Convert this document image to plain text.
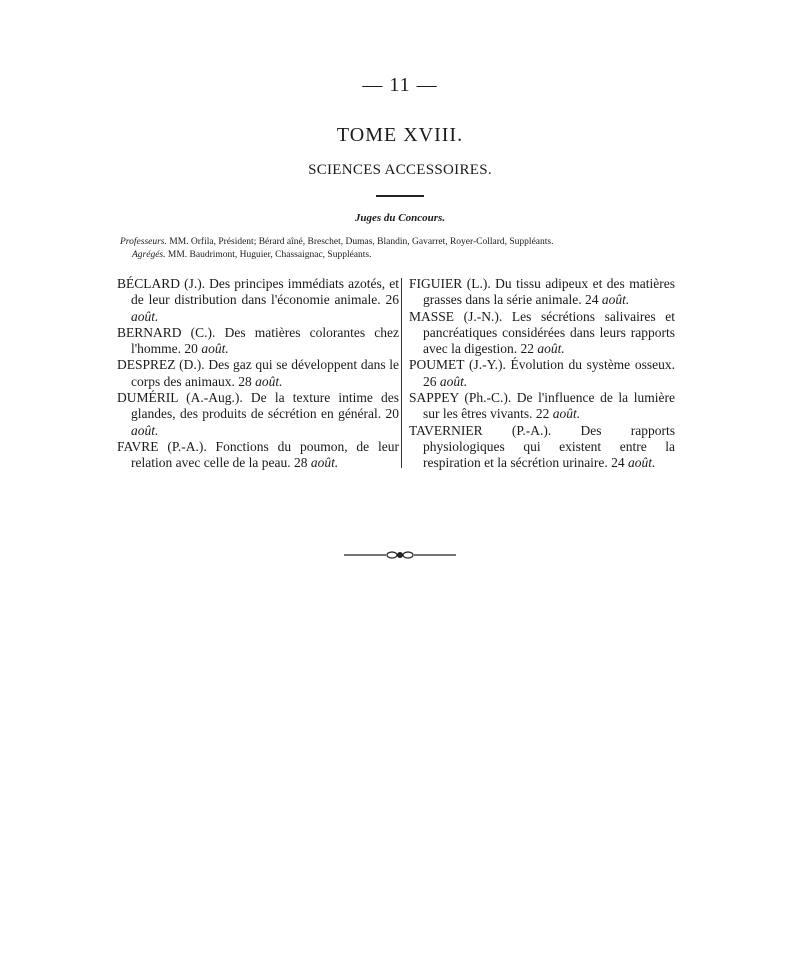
— 11 —
TOME XVIII.
SCIENCES ACCESSOIRES.
Juges du Concours.
Professeurs. MM. Orfila, Président; Bérard aîné, Breschet, Dumas, Blandin, Gavarret, Royer-Collard, Suppléants.
Agrégés. MM. Baudrimont, Huguier, Chassaignac, Suppléants.

BÉCLARD (J.). Des principes immédiats azotés, et de leur distribution dans l'économie animale. 26 août.

BERNARD (C.). Des matières colorantes chez l'homme. 20 août.

DESPREZ (D.). Des gaz qui se développent dans le corps des animaux. 28 août.

DUMÉRIL (A.-Aug.). De la texture intime des glandes, des produits de sécrétion en général. 20 août.

FAVRE (P.-A.). Fonctions du poumon, de leur relation avec celle de la peau. 28 août.

FIGUIER (L.). Du tissu adipeux et des matières grasses dans la série animale. 24 août.

MASSE (J.-N.). Les sécrétions salivaires et pancréatiques considérées dans leurs rapports avec la digestion. 22 août.

POUMET (J.-Y.). Évolution du système osseux. 26 août.

SAPPEY (Ph.-C.). De l'influence de la lumière sur les êtres vivants. 22 août.

TAVERNIER (P.-A.). Des rapports physiologiques qui existent entre la respiration et la sécrétion urinaire. 24 août.
